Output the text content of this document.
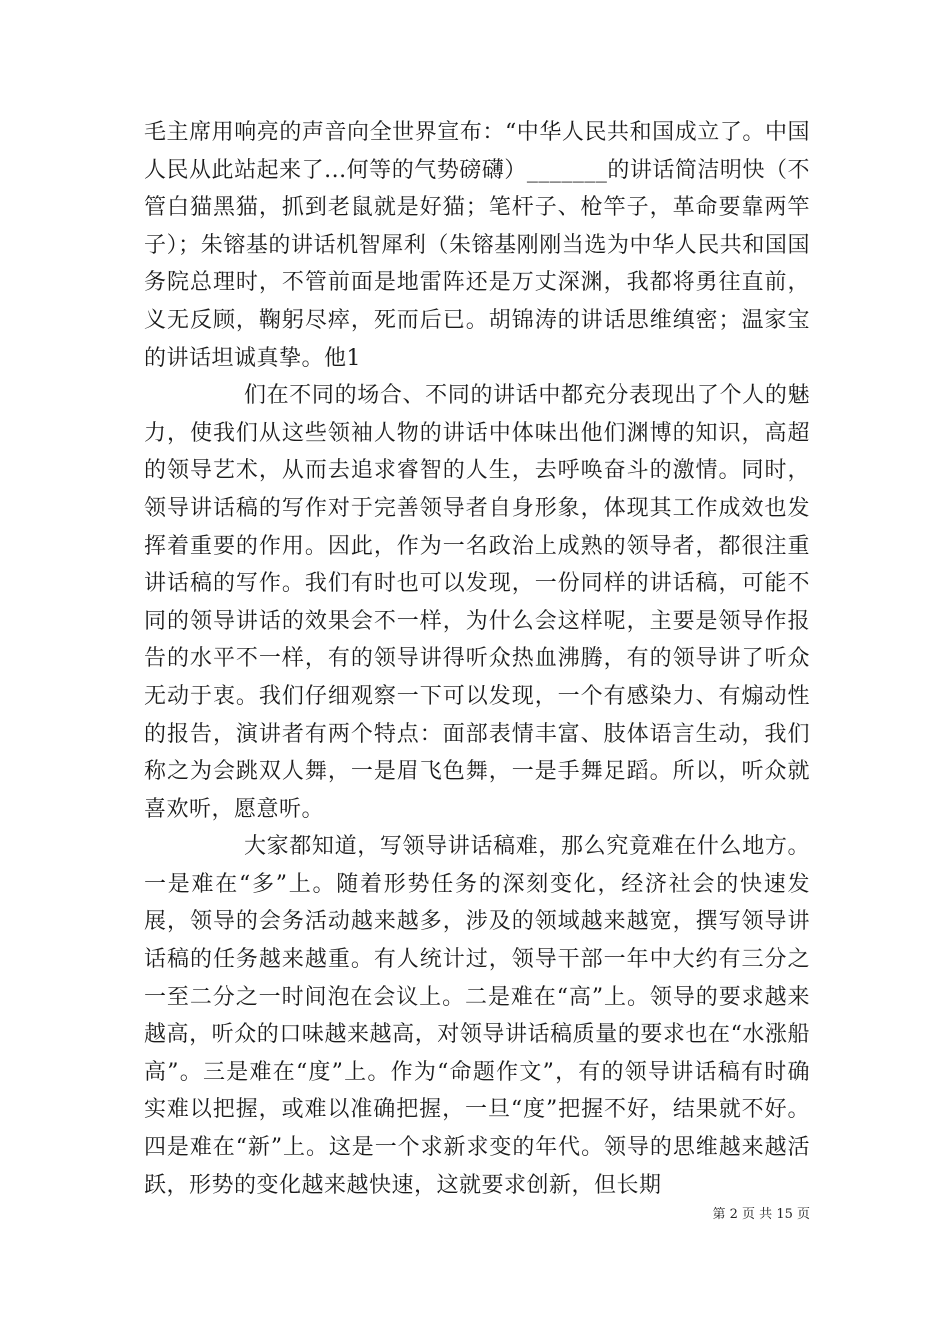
毛主席用响亮的声音向全世界宣布：“中华人民共和国成立了。中国人民从此站起来了...何等的气势磅礴）_______的讲话简洁明快（不管白猫黑猫，抓到老鼠就是好猫；笔杆子、枪竿子，革命要靠两竿子）；朱镕基的讲话机智犀利（朱镕基刚刚当选为中华人民共和国国务院总理时，不管前面是地雷阵还是万丈深渊，我都将勇往直前，义无反顾，鞠躬尽瘁，死而后已。胡锦涛的讲话思维缜密；温家宝的讲话坦诚真挚。他1

们在不同的场合、不同的讲话中都充分表现出了个人的魅力，使我们从这些领袖人物的讲话中体味出他们渊博的知识，高超的领导艺术，从而去追求睿智的人生，去呼唤奋斗的激情。同时，领导讲话稿的写作对于完善领导者自身形象，体现其工作成效也发挥着重要的作用。因此，作为一名政治上成熟的领导者，都很注重讲话稿的写作。我们有时也可以发现，一份同样的讲话稿，可能不同的领导讲话的效果会不一样，为什么会这样呢，主要是领导作报告的水平不一样，有的领导讲得听众热血沸腾，有的领导讲了听众无动于衷。我们仔细观察一下可以发现，一个有感染力、有煽动性的报告，演讲者有两个特点：面部表情丰富、肢体语言生动，我们称之为会跳双人舞，一是眉飞色舞，一是手舞足蹈。所以，听众就喜欢听，愿意听。

大家都知道，写领导讲话稿难，那么究竟难在什么地方。一是难在“多”上。随着形势任务的深刻变化，经济社会的快速发展，领导的会务活动越来越多，涉及的领域越来越宽，撰写领导讲话稿的任务越来越重。有人统计过，领导干部一年中大约有三分之一至二分之一时间泡在会议上。二是难在“高”上。领导的要求越来越高，听众的口味越来越高，对领导讲话稿质量的要求也在“水涨船高”。三是难在“度”上。作为“命题作文”，有的领导讲话稿有时确实难以把握，或难以准确把握，一旦“度”把握不好，结果就不好。四是难在“新”上。这是一个求新求变的年代。领导的思维越来越活跃，形势的变化越来越快速，这就要求创新，但长期

第 2 页 共 15 页
